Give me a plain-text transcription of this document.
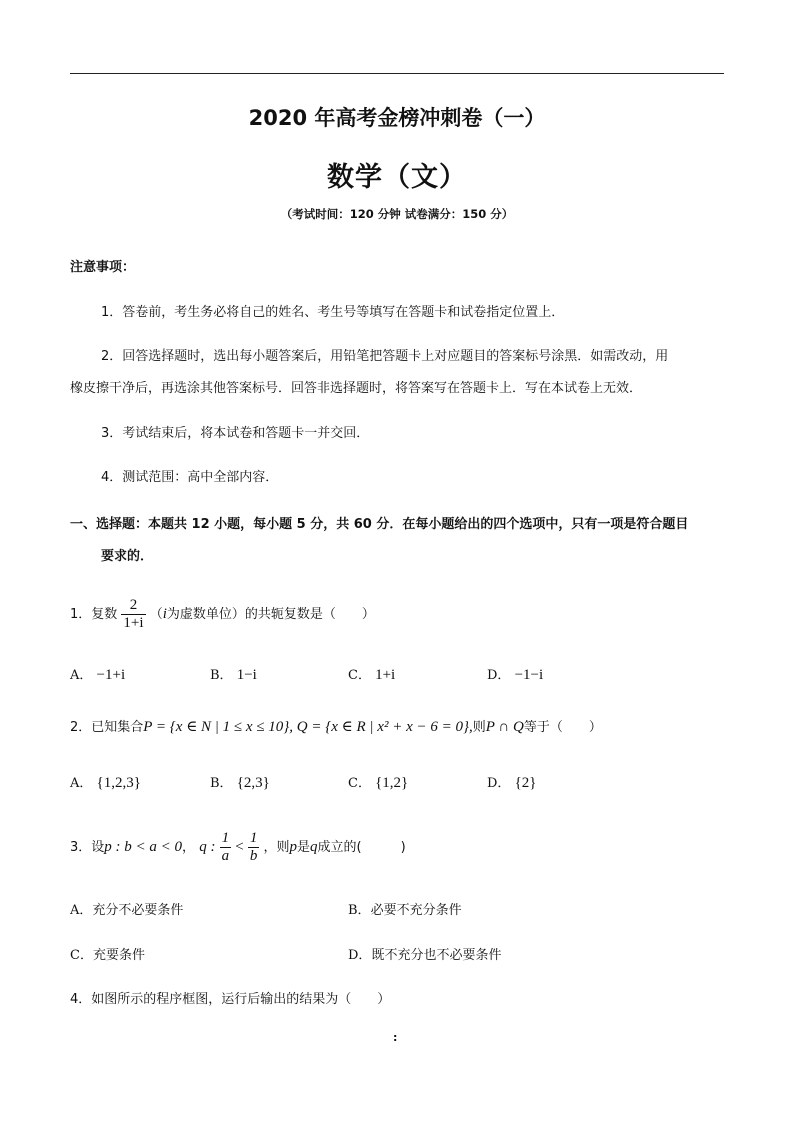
2020 年高考金榜冲刺卷（一）
数学（文）
（考试时间：120 分钟 试卷满分：150 分）
注意事项：
1．答卷前，考生务必将自己的姓名、考生号等填写在答题卡和试卷指定位置上．
2．回答选择题时，选出每小题答案后，用铅笔把答题卡上对应题目的答案标号涂黑．如需改动，用
橡皮擦干净后，再选涂其他答案标号．回答非选择题时，将答案写在答题卡上．写在本试卷上无效．
3．考试结束后，将本试卷和答题卡一并交回．
4．测试范围：高中全部内容．
一、选择题：本题共 12 小题，每小题 5 分，共 60 分．在每小题给出的四个选项中，只有一项是符合题目
要求的．
1．复数 $\frac{2}{1+i} (i$为虚数单位）的共轭复数是（　　）
A． −1+i	B． 1−i	C． 1+i	D． −1−i
2．已知集合P = {x ∈ N | 1 ≤ x ≤ 10}, Q = {x ∈ R | x² + x − 6 = 0},则P ∩ Q等于（　　）
A． {1,2,3}	B． {2,3}	C． {1,2}	D． {2}
3．设p : b < a < 0， q : $\frac{1}{a} < \frac{1}{b}$ ，则p是q成立的(　　　)
A．充分不必要条件	B．必要不充分条件
C．充要条件	D．既不充分也不必要条件
4．如图所示的程序框图，运行后输出的结果为（　　）
:
